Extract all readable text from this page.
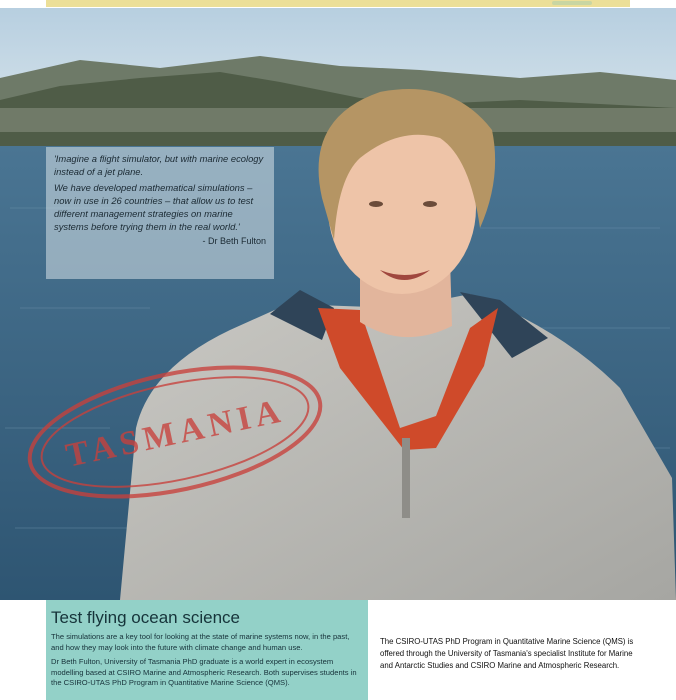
'Imagine a flight simulator, but with marine ecology instead of a jet plane.

We have developed mathematical simulations – now in use in 26 countries – that allow us to test different management strategies on marine systems before trying them in the real world.'

- Dr Beth Fulton
TASMANIA
Test flying ocean science

The simulations are a key tool for looking at the state of marine systems now, in the past, and how they may look into the future with climate change and human use.

Dr Beth Fulton, University of Tasmania PhD graduate is a world expert in ecosystem modelling based at CSIRO Marine and Atmospheric Research. Both supervises students in the CSIRO-UTAS PhD Program in Quantitative Marine Science (QMS).

The CSIRO-UTAS PhD Program in Quantitative Marine Science (QMS) is offered through the University of Tasmania's specialist Institute for Marine and Antarctic Studies and CSIRO Marine and Atmospheric Research.
